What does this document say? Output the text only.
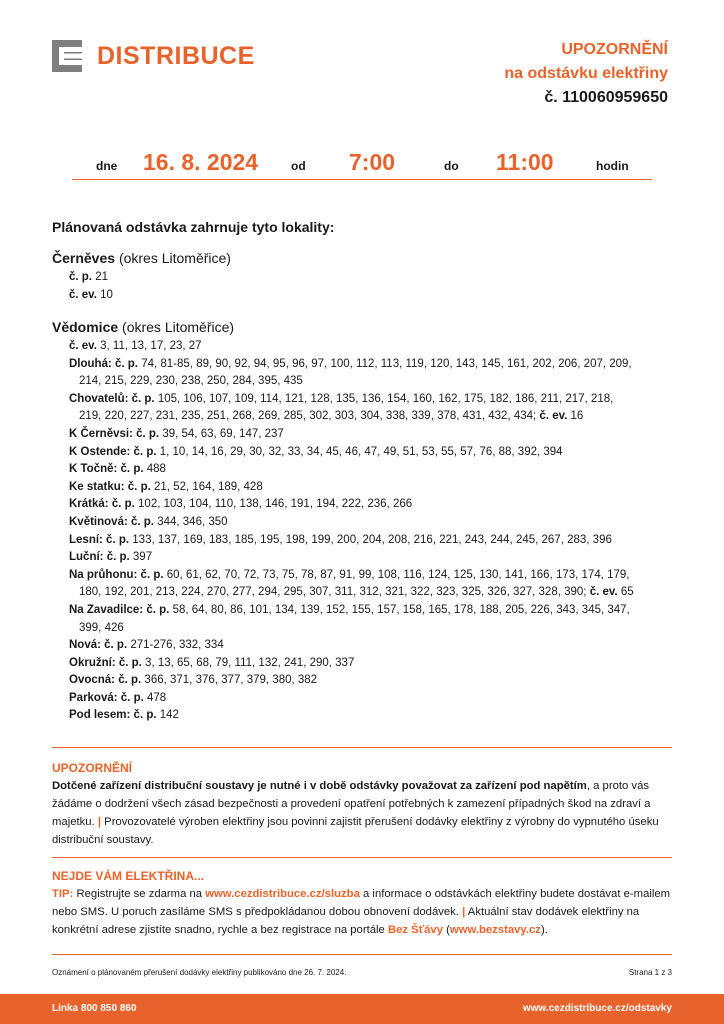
DISTRIBUCE	UPOZORNĚNÍ
na odstávku elektřiny
č. 110060959650
dne 16. 8. 2024	od 7:00	do 11:00	hodin
Plánovaná odstávka zahrnuje tyto lokality:
Černěves (okres Litoměřice)
č. p. 21
č. ev. 10
Vědomice (okres Litoměřice)
č. ev. 3, 11, 13, 17, 23, 27
Dlouhá: č. p. 74, 81-85, 89, 90, 92, 94, 95, 96, 97, 100, 112, 113, 119, 120, 143, 145, 161, 202, 206, 207, 209,
214, 215, 229, 230, 238, 250, 284, 395, 435
Chovatelů: č. p. 105, 106, 107, 109, 114, 121, 128, 135, 136, 154, 160, 162, 175, 182, 186, 211, 217, 218,
219, 220, 227, 231, 235, 251, 268, 269, 285, 302, 303, 304, 338, 339, 378, 431, 432, 434; č. ev. 16
K Černěvsi: č. p. 39, 54, 63, 69, 147, 237
K Ostende: č. p. 1, 10, 14, 16, 29, 30, 32, 33, 34, 45, 46, 47, 49, 51, 53, 55, 57, 76, 88, 392, 394
K Točně: č. p. 488
Ke statku: č. p. 21, 52, 164, 189, 428
Krátká: č. p. 102, 103, 104, 110, 138, 146, 191, 194, 222, 236, 266
Květinová: č. p. 344, 346, 350
Lesní: č. p. 133, 137, 169, 183, 185, 195, 198, 199, 200, 204, 208, 216, 221, 243, 244, 245, 267, 283, 396
Luční: č. p. 397
Na průhonu: č. p. 60, 61, 62, 70, 72, 73, 75, 78, 87, 91, 99, 108, 116, 124, 125, 130, 141, 166, 173, 174, 179,
180, 192, 201, 213, 224, 270, 277, 294, 295, 307, 311, 312, 321, 322, 323, 325, 326, 327, 328, 390; č. ev. 65
Na Zavadilce: č. p. 58, 64, 80, 86, 101, 134, 139, 152, 155, 157, 158, 165, 178, 188, 205, 226, 343, 345, 347,
399, 426
Nová: č. p. 271-276, 332, 334
Okružní: č. p. 3, 13, 65, 68, 79, 111, 132, 241, 290, 337
Ovocná: č. p. 366, 371, 376, 377, 379, 380, 382
Parková: č. p. 478
Pod lesem: č. p. 142
UPOZORNĚNÍ
Dotčené zařízení distribuční soustavy je nutné i v době odstávky považovat za zařízení pod napětím, a proto vás žádáme o dodržení všech zásad bezpečnosti a provedení opatření potřebných k zamezení případných škod na zdraví a majetku. | Provozovatelé výroben elektřiny jsou povinni zajistit přerušení dodávky elektřiny z výrobny do vypnutého úseku distribuční soustavy.
NEJDE VÁM ELEKTŘINA...
TIP: Registrujte se zdarma na www.cezdistribuce.cz/sluzba a informace o odstávkách elektřiny budete dostávat e-mailem nebo SMS. U poruch zasíláme SMS s předpokládanou dobou obnovení dodávek. | Aktuální stav dodávek elektřiny na konkrétní adrese zjistíte snadno, rychle a bez registrace na portále Bez Šťávy (www.bezstavy.cz).
Oznámení o plánovaném přerušení dodávky elektřiny publikováno dne 26. 7. 2024.	Strana 1 z 3
Linka 800 850 860	www.cezdistribuce.cz/odstavky
